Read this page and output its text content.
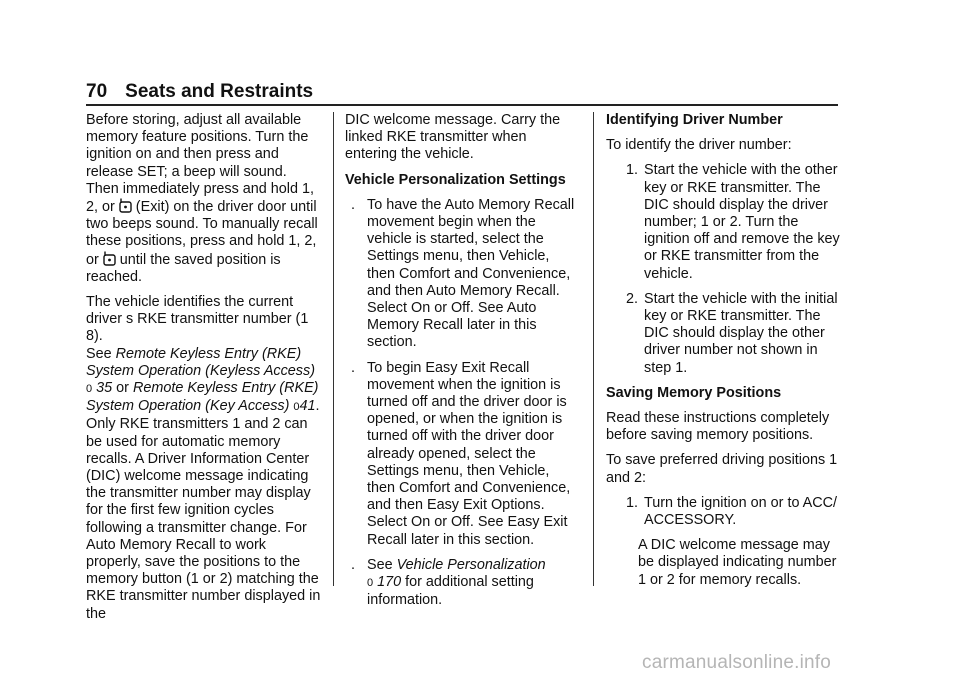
70 Seats and Restraints

Before storing, adjust all available memory feature positions. Turn the ignition on and then press and release SET; a beep will sound. Then immediately press and hold 1, 2, or (Exit) on the driver door until two beeps sound. To manually recall these positions, press and hold 1, 2, or until the saved position is reached.

The vehicle identifies the current driver s RKE transmitter number (1 8).
See Remote Keyless Entry (RKE) System Operation (Keyless Access) 0 35 or Remote Keyless Entry (RKE) System Operation (Key Access) 041. Only RKE transmitters 1 and 2 can be used for automatic memory recalls. A Driver Information Center (DIC) welcome message indicating the transmitter number may display for the first few ignition cycles following a transmitter change. For Auto Memory Recall to work properly, save the positions to the memory button (1 or 2) matching the RKE transmitter number displayed in the

DIC welcome message. Carry the linked RKE transmitter when entering the vehicle.

Vehicle Personalization Settings

. To have the Auto Memory Recall movement begin when the vehicle is started, select the Settings menu, then Vehicle, then Comfort and Convenience, and then Auto Memory Recall. Select On or Off. See Auto Memory Recall later in this section.
. To begin Easy Exit Recall movement when the ignition is turned off and the driver door is opened, or when the ignition is turned off with the driver door already opened, select the Settings menu, then Vehicle, then Comfort and Convenience, and then Easy Exit Options. Select On or Off. See Easy Exit Recall later in this section.
. See Vehicle Personalization
0 170 for additional setting information.

Identifying Driver Number

To identify the driver number:

1. Start the vehicle with the other key or RKE transmitter. The DIC should display the driver number; 1 or 2. Turn the ignition off and remove the key or RKE transmitter from the vehicle.
2. Start the vehicle with the initial key or RKE transmitter. The DIC should display the other driver number not shown in step 1.

Saving Memory Positions

Read these instructions completely before saving memory positions.

To save preferred driving positions 1 and 2:

1. Turn the ignition on or to ACC/ ACCESSORY.

A DIC welcome message may be displayed indicating number 1 or 2 for memory recalls.

carmanualsonline.info
